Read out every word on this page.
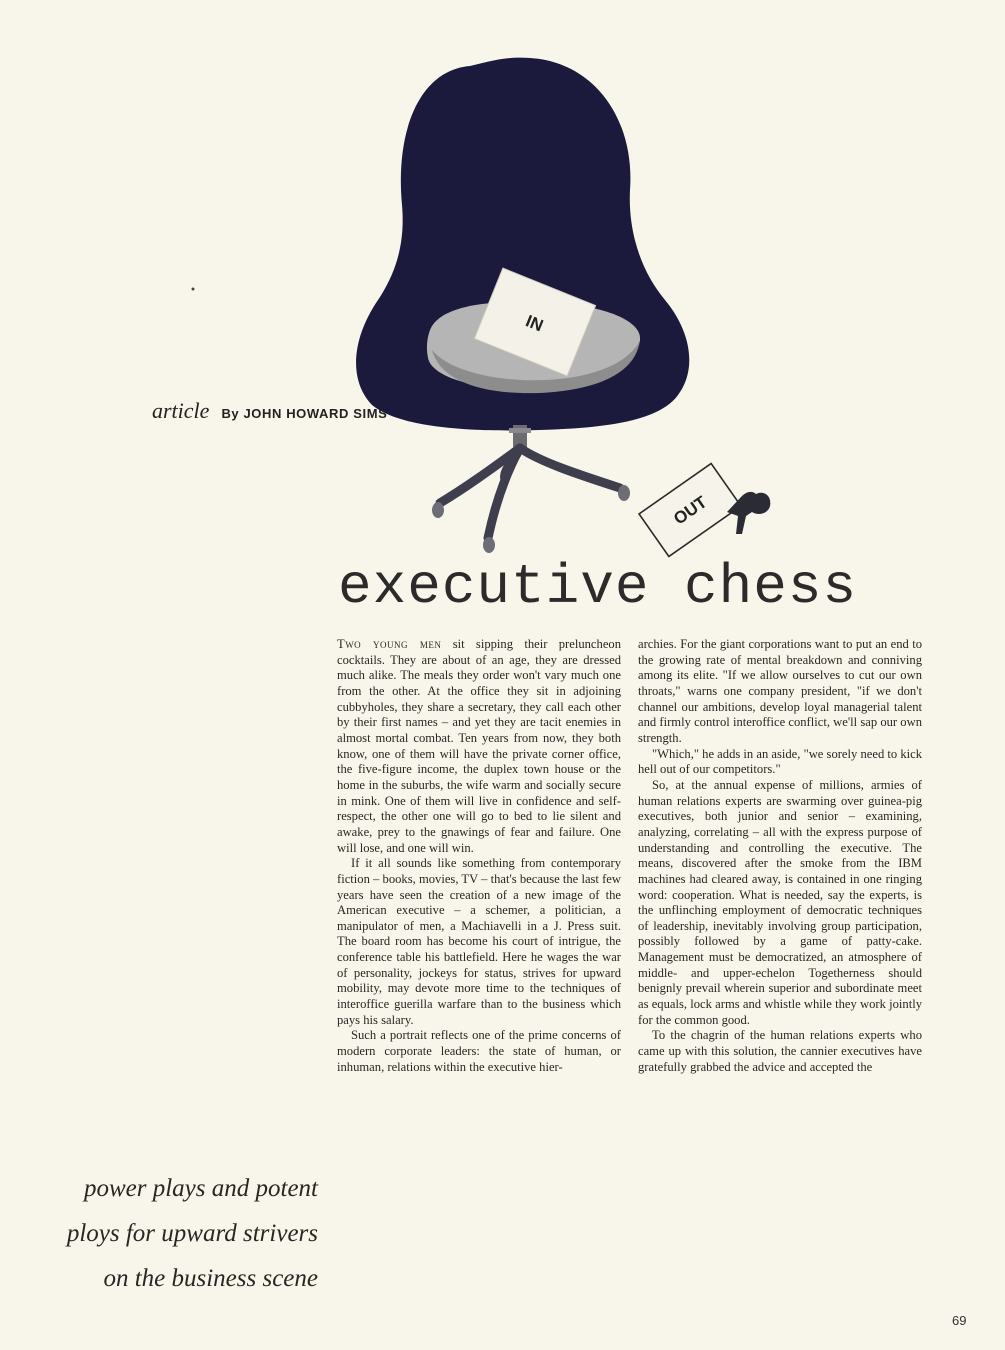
IN
OUT
article By JOHN HOWARD SIMS
executive chess
power plays and potent
ploys for upward strivers
on the business scene

Two young men sit sipping their preluncheon cocktails. They are about of an age, they are dressed much alike. The meals they order won't vary much one from the other. At the office they sit in adjoining cubbyholes, they share a secretary, they call each other by their first names – and yet they are tacit enemies in almost mortal combat. Ten years from now, they both know, one of them will have the private corner office, the five-figure income, the duplex town house or the home in the suburbs, the wife warm and socially secure in mink. One of them will live in confidence and self-respect, the other one will go to bed to lie silent and awake, prey to the gnawings of fear and failure. One will lose, and one will win.

If it all sounds like something from contemporary fiction – books, movies, TV – that's because the last few years have seen the creation of a new image of the American executive – a schemer, a politician, a manipulator of men, a Machiavelli in a J. Press suit. The board room has become his court of intrigue, the conference table his battlefield. Here he wages the war of personality, jockeys for status, strives for upward mobility, may devote more time to the techniques of interoffice guerilla warfare than to the business which pays his salary.

Such a portrait reflects one of the prime concerns of modern corporate leaders: the state of human, or inhuman, relations within the executive hier-

archies. For the giant corporations want to put an end to the growing rate of mental breakdown and conniving among its elite. "If we allow ourselves to cut our own throats," warns one company president, "if we don't channel our ambitions, develop loyal managerial talent and firmly control interoffice conflict, we'll sap our own strength.

"Which," he adds in an aside, "we sorely need to kick hell out of our competitors."

So, at the annual expense of millions, armies of human relations experts are swarming over guinea-pig executives, both junior and senior – examining, analyzing, correlating – all with the express purpose of understanding and controlling the executive. The means, discovered after the smoke from the IBM machines had cleared away, is contained in one ringing word: cooperation. What is needed, say the experts, is the unflinching employment of democratic techniques of leadership, inevitably involving group participation, possibly followed by a game of patty-cake. Management must be democratized, an atmosphere of middle- and upper-echelon Togetherness should benignly prevail wherein superior and subordinate meet as equals, lock arms and whistle while they work jointly for the common good.

To the chagrin of the human relations experts who came up with this solution, the cannier executives have gratefully grabbed the advice and accepted the

69
